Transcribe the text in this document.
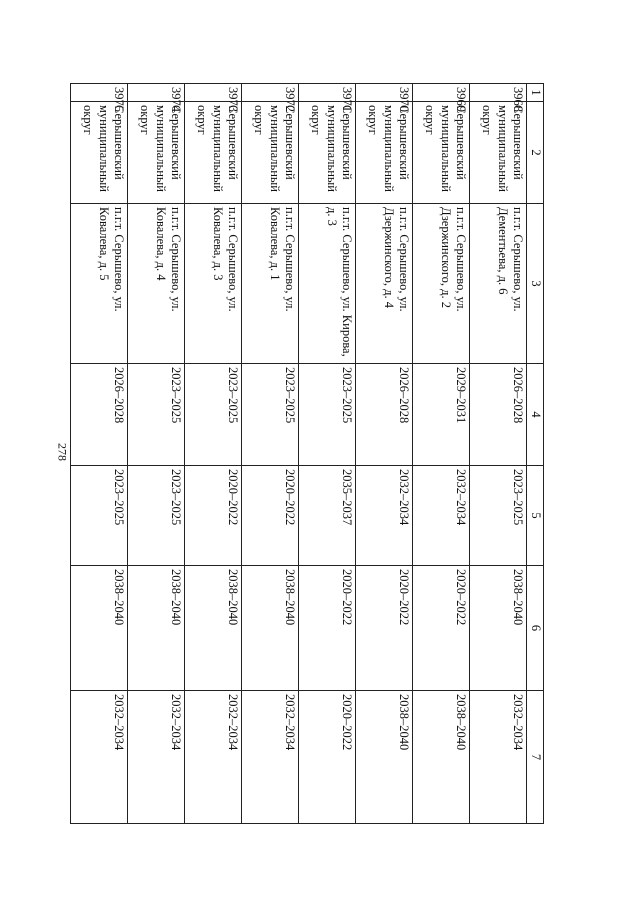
278
1	2	3	4	5	6	7
3968	Серышевский муниципальный округ	п.г.т. Серышево, ул. Дементьева, д. 6	2026–2028	2023–2025	2038–2040	2032–2034
3969	Серышевский муниципальный округ	п.г.т. Серышево, ул. Дзержинского, д. 2	2029–2031	2032–2034	2020–2022	2038–2040
3970	Серышевский муниципальный округ	п.г.т. Серышево, ул. Дзержинского, д. 4	2026–2028	2032–2034	2020–2022	2038–2040
3971	Серышевский муниципальный округ	п.г.т. Серышево, ул. Кирова, д. 3	2023–2025	2035–2037	2020–2022	2020–2022
3972	Серышевский муниципальный округ	п.г.т. Серышево, ул. Ковалева, д. 1	2023–2025	2020–2022	2038–2040	2032–2034
3973	Серышевский муниципальный округ	п.г.т. Серышево, ул. Ковалева, д. 3	2023–2025	2020–2022	2038–2040	2032–2034
3974	Серышевский муниципальный округ	п.г.т. Серышево, ул. Ковалева, д. 4	2023–2025	2023–2025	2038–2040	2032–2034
3975	Серышевский муниципальный округ	п.г.т. Серышево, ул. Ковалева, д. 5	2026–2028	2023–2025	2038–2040	2032–2034
